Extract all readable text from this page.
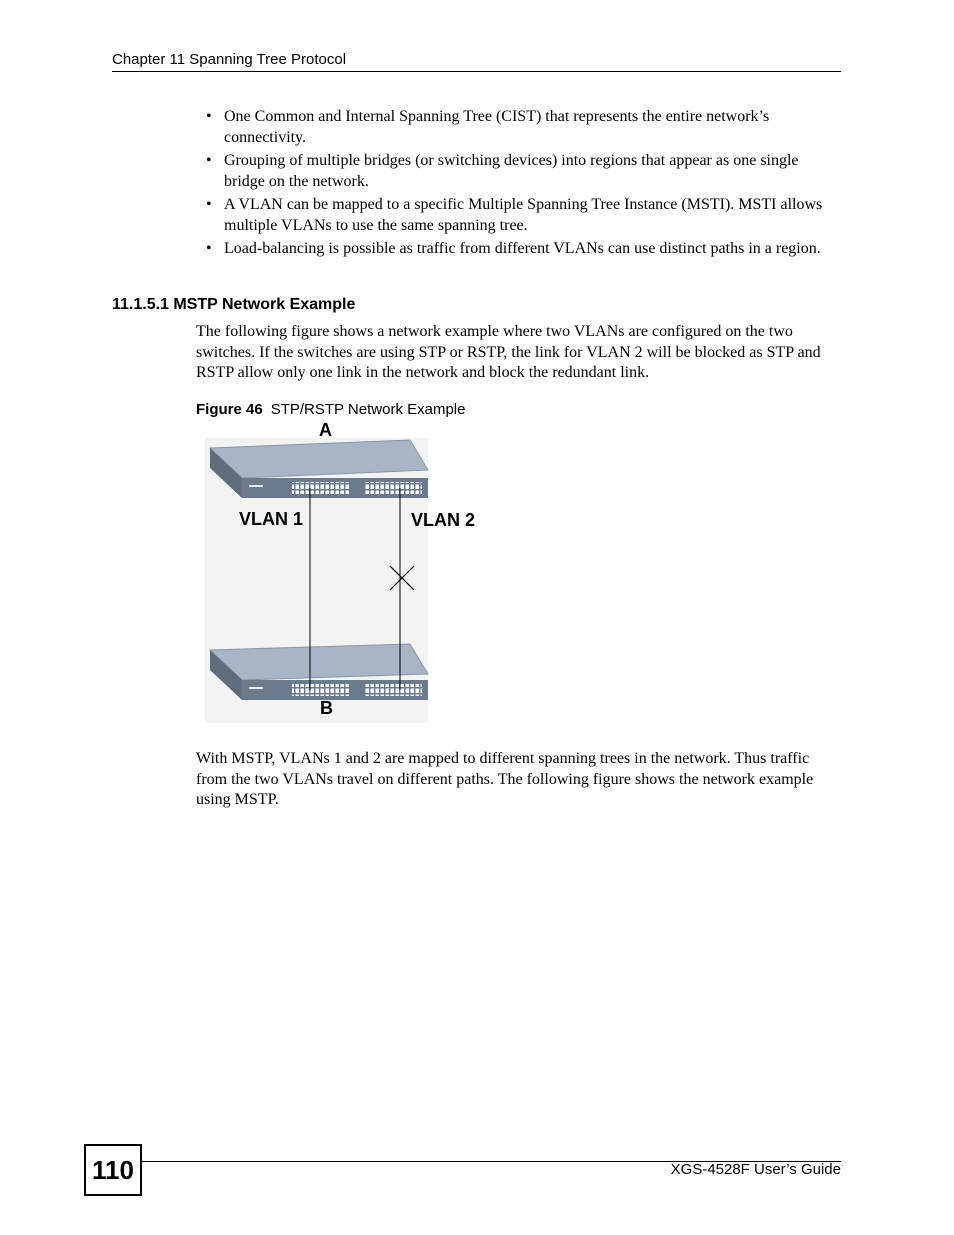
Chapter 11 Spanning Tree Protocol
• One Common and Internal Spanning Tree (CIST) that represents the entire network’s connectivity.
• Grouping of multiple bridges (or switching devices) into regions that appear as one single bridge on the network.
• A VLAN can be mapped to a specific Multiple Spanning Tree Instance (MSTI). MSTI allows multiple VLANs to use the same spanning tree.
• Load-balancing is possible as traffic from different VLANs can use distinct paths in a region.
11.1.5.1 MSTP Network Example

The following figure shows a network example where two VLANs are configured on the two switches. If the switches are using STP or RSTP, the link for VLAN 2 will be blocked as STP and RSTP allow only one link in the network and block the redundant link.

Figure 46 STP/RSTP Network Example
A
VLAN 1	VLAN 2
B

With MSTP, VLANs 1 and 2 are mapped to different spanning trees in the network. Thus traffic from the two VLANs travel on different paths. The following figure shows the network example using MSTP.

110	XGS-4528F User’s Guide
